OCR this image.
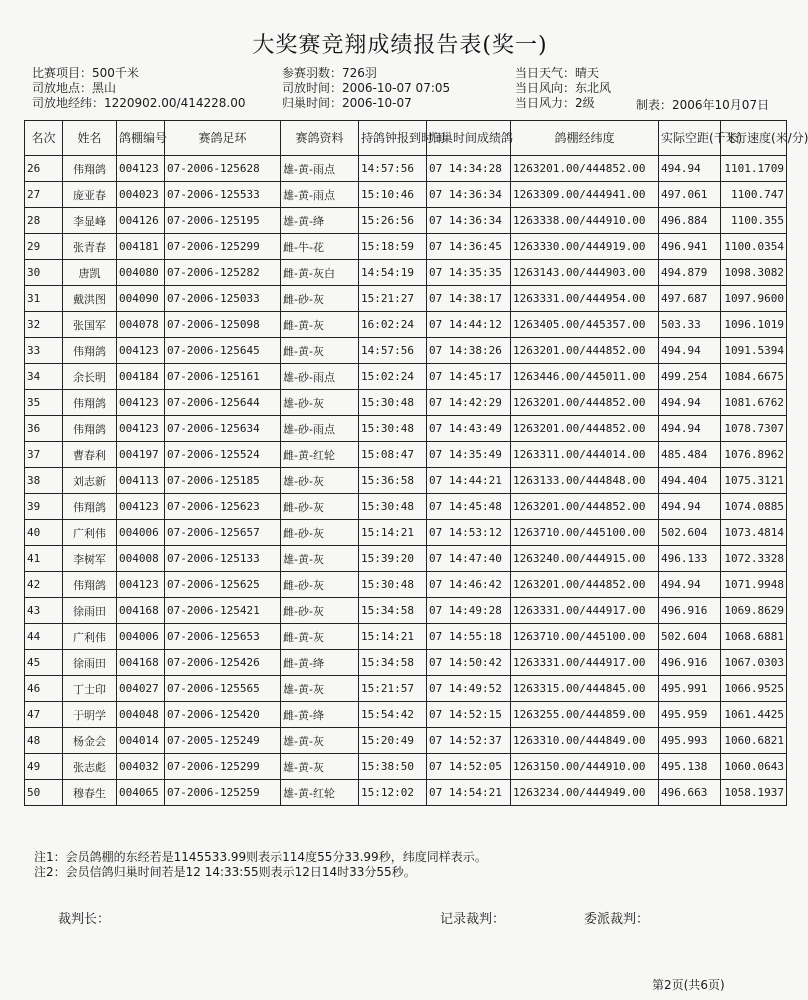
大奖赛竞翔成绩报告表(奖一)
比赛项目：500千米
司放地点：黑山
司放地经纬：1220902.00/414228.00
参赛羽数：726羽
司放时间：2006-10-07 07:05
归巢时间：2006-10-07
当日天气：晴天
当日风向：东北风
当日风力：2级	制表：2006年10月07日
名次	姓名	鸽棚编号	赛鸽足环	赛鸽资料	持鸽钟报到时间	归巢时间成绩鸽	鸽棚经纬度	实际空距(千米)	飞行速度(米/分)
26	伟翔鸽	004123	07-2006-125628	雄-黄-雨点	14:57:56	07 14:34:28	1263201.00/444852.00	494.94	1101.1709
27	庞亚春	004023	07-2006-125533	雄-黄-雨点	15:10:46	07 14:36:34	1263309.00/444941.00	497.061	1100.747
28	李显峰	004126	07-2006-125195	雄-黄-绛	15:26:56	07 14:36:34	1263338.00/444910.00	496.884	1100.355
29	张青春	004181	07-2006-125299	雌-牛-花	15:18:59	07 14:36:45	1263330.00/444919.00	496.941	1100.0354
30	唐凯	004080	07-2006-125282	雌-黄-灰白	14:54:19	07 14:35:35	1263143.00/444903.00	494.879	1098.3082
31	戴洪图	004090	07-2006-125033	雌-砂-灰	15:21:27	07 14:38:17	1263331.00/444954.00	497.687	1097.9600
32	张国军	004078	07-2006-125098	雌-黄-灰	16:02:24	07 14:44:12	1263405.00/445357.00	503.33	1096.1019
33	伟翔鸽	004123	07-2006-125645	雌-黄-灰	14:57:56	07 14:38:26	1263201.00/444852.00	494.94	1091.5394
34	余长明	004184	07-2006-125161	雄-砂-雨点	15:02:24	07 14:45:17	1263446.00/445011.00	499.254	1084.6675
35	伟翔鸽	004123	07-2006-125644	雄-砂-灰	15:30:48	07 14:42:29	1263201.00/444852.00	494.94	1081.6762
36	伟翔鸽	004123	07-2006-125634	雄-砂-雨点	15:30:48	07 14:43:49	1263201.00/444852.00	494.94	1078.7307
37	曹春利	004197	07-2006-125524	雌-黄-红轮	15:08:47	07 14:35:49	1263311.00/444014.00	485.484	1076.8962
38	刘志新	004113	07-2006-125185	雄-砂-灰	15:36:58	07 14:44:21	1263133.00/444848.00	494.404	1075.3121
39	伟翔鸽	004123	07-2006-125623	雌-砂-灰	15:30:48	07 14:45:48	1263201.00/444852.00	494.94	1074.0885
40	广利伟	004006	07-2006-125657	雌-砂-灰	15:14:21	07 14:53:12	1263710.00/445100.00	502.604	1073.4814
41	李树军	004008	07-2006-125133	雄-黄-灰	15:39:20	07 14:47:40	1263240.00/444915.00	496.133	1072.3328
42	伟翔鸽	004123	07-2006-125625	雌-砂-灰	15:30:48	07 14:46:42	1263201.00/444852.00	494.94	1071.9948
43	徐雨田	004168	07-2006-125421	雌-砂-灰	15:34:58	07 14:49:28	1263331.00/444917.00	496.916	1069.8629
44	广利伟	004006	07-2006-125653	雌-黄-灰	15:14:21	07 14:55:18	1263710.00/445100.00	502.604	1068.6881
45	徐雨田	004168	07-2006-125426	雌-黄-绛	15:34:58	07 14:50:42	1263331.00/444917.00	496.916	1067.0303
46	丁士印	004027	07-2006-125565	雄-黄-灰	15:21:57	07 14:49:52	1263315.00/444845.00	495.991	1066.9525
47	于明学	004048	07-2006-125420	雌-黄-绛	15:54:42	07 14:52:15	1263255.00/444859.00	495.959	1061.4425
48	杨金会	004014	07-2005-125249	雄-黄-灰	15:20:49	07 14:52:37	1263310.00/444849.00	495.993	1060.6821
49	张志彪	004032	07-2006-125299	雄-黄-灰	15:38:50	07 14:52:05	1263150.00/444910.00	495.138	1060.0643
50	穆春生	004065	07-2006-125259	雄-黄-红轮	15:12:02	07 14:54:21	1263234.00/444949.00	496.663	1058.1937
注1：会员鸽棚的东经若是1145533.99则表示114度55分33.99秒，纬度同样表示。
注2：会员信鸽归巢时间若是12 14:33:55则表示12日14时33分55秒。
裁判长：	记录裁判：	委派裁判：
第2页(共6页)
